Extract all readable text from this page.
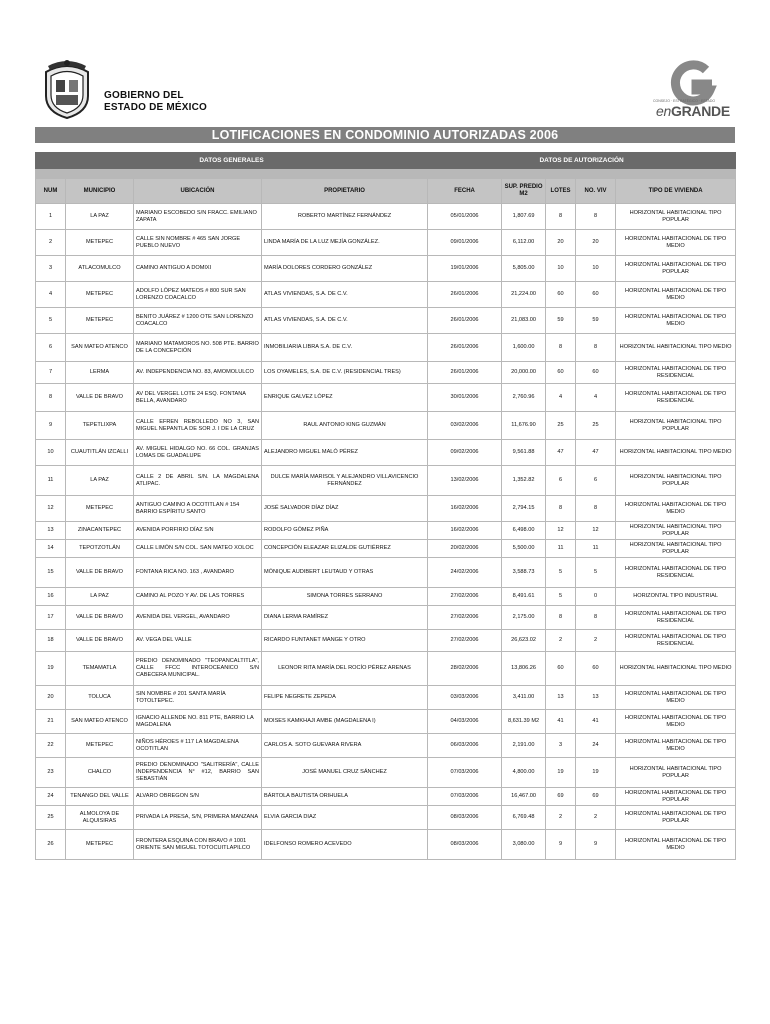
GOBIERNO DEL
ESTADO DE MÉXICO
CONSEJO · ESTRATÉGICO · ESTADO
enGRANDE
LOTIFICACIONES EN CONDOMINIO AUTORIZADAS 2006
DATOS GENERALES				DATOS DE AUTORIZACIÓN				

NUM	MUNICIPIO	UBICACIÓN	PROPIETARIO	FECHA	SUP. PREDIO M2	LOTES	NO. VIV	TIPO DE VIVIENDA
1	LA PAZ	MARIANO ESCOBEDO S/N FRACC. EMILIANO ZAPATA	ROBERTO MARTÍNEZ FERNÁNDEZ	05/01/2006	1,807.69	8	8	HORIZONTAL HABITACIONAL TIPO POPULAR
2	METEPEC	CALLE SIN NOMBRE # 465 SAN JORGE PUEBLO NUEVO	LINDA MARÍA DE LA LUZ MEJÍA GONZÁLEZ.	09/01/2006	6,112.00	20	20	HORIZONTAL HABITACIONAL DE TIPO MEDIO
3	ATLACOMULCO	CAMINO ANTIGUO A DOMIXI	MARÍA DOLORES CORDERO GONZÁLEZ	19/01/2006	5,805.00	10	10	HORIZONTAL HABITACIONAL DE TIPO POPULAR
4	METEPEC	ADOLFO LÓPEZ MATEOS # 800 SUR SAN LORENZO COACALCO	ATLAS VIVIENDAS, S.A. DE C.V.	26/01/2006	21,224.00	60	60	HORIZONTAL HABITACIONAL DE TIPO MEDIO
5	METEPEC	BENITO JUÁREZ # 1200 OTE SAN LORENZO COACALCO	ATLAS VIVIENDAS, S.A. DE C.V.	26/01/2006	21,083.00	59	59	HORIZONTAL HABITACIONAL DE TIPO MEDIO
6	SAN MATEO ATENCO	MARIANO MATAMOROS NO. 508 PTE. BARRIO DE LA CONCEPCIÓN	INMOBILIARIA LIBRA S.A. DE C.V.	26/01/2006	1,600.00	8	8	HORIZONTAL HABITACIONAL TIPO MEDIO
7	LERMA	AV. INDEPENDENCIA NO. 83, AMOMOLULCO	LOS OYAMELES, S.A. DE C.V. (RESIDENCIAL TRES)	26/01/2006	20,000.00	60	60	HORIZONTAL HABITACIONAL DE TIPO RESIDENCIAL
8	VALLE DE BRAVO	AV DEL VERGEL LOTE 24 ESQ. FONTANA BELLA, AVANDARO	ENRIQUE GALVEZ LÓPEZ	30/01/2006	2,760.96	4	4	HORIZONTAL HABITACIONAL DE TIPO RESIDENCIAL
9	TEPETLIXPA	CALLE EFREN REBOLLEDO NO 3, SAN MIGUEL NEPANTLA DE SOR J. I DE LA CRUZ	RAUL ANTONIO KING GUZMÁN	03/02/2006	11,676.90	25	25	HORIZONTAL HABITACIONAL TIPO POPULAR
10	CUAUTITLÁN IZCALLI	AV. MIGUEL HIDALGO NO. 66 COL. GRANJAS LOMAS DE GUADALUPE	ALEJANDRO MIGUEL MALÓ PÉREZ	09/02/2006	9,561.88	47	47	HORIZONTAL HABITACIONAL TIPO MEDIO
11	LA PAZ	CALLE 2 DE ABRIL S/N. LA MAGDALENA ATLIPAC.	DULCE MARÍA MARISOL Y ALEJANDRO VILLAVICENCIO FERNÁNDEZ	13/02/2006	1,352.82	6	6	HORIZONTAL HABITACIONAL TIPO POPULAR
12	METEPEC	ANTIGUO CAMINO A OCOTITLAN # 154 BARRIO ESPÍRITU SANTO	JOSÉ SALVADOR DÍAZ DÍAZ	16/02/2006	2,794.15	8	8	HORIZONTAL HABITACIONAL DE TIPO MEDIO
13	ZINACANTEPEC	AVENIDA PORFIRIO DÍAZ S/N	RODOLFO GÓMEZ PIÑA	16/02/2006	6,498.00	12	12	HORIZONTAL HABITACIONAL TIPO POPULAR
14	TEPOTZOTLÁN	CALLE LIMÓN S/N COL. SAN MATEO XOLOC	CONCEPCIÓN ELEAZAR ELIZALDE GUTIÉRREZ	20/02/2006	5,500.00	11	11	HORIZONTAL HABITACIONAL TIPO POPULAR
15	VALLE DE BRAVO	FONTANA RICA NO. 163 , AVANDARO	MÓNIQUE AUDIBERT LEUTAUD Y OTRAS	24/02/2006	3,588.73	5	5	HORIZONTAL HABITACIONAL DE TIPO RESIDENCIAL
16	LA PAZ	CAMINO AL POZO Y AV. DE LAS TORRES	SIMONA TORRES SERRANO	27/02/2006	8,491.61	5	0	HORIZONTAL TIPO INDUSTRIAL
17	VALLE DE BRAVO	AVENIDA DEL VERGEL, AVANDARO	DIANA LERMA RAMÍREZ	27/02/2006	2,175.00	8	8	HORIZONTAL HABITACIONAL DE TIPO RESIDENCIAL
18	VALLE DE BRAVO	AV. VEGA DEL VALLE	RICARDO FUNTANET MANGE Y OTRO	27/02/2006	26,623.02	2	2	HORIZONTAL HABITACIONAL DE TIPO RESIDENCIAL
19	TEMAMATLA	PREDIO DENOMINADO "TEOPANCALTITLA", CALLE FFCC INTEROCEANICO S/N CABECERA MUNICIPAL.	LEONOR RITA MARÍA DEL ROCÍO PÉREZ ARENAS	28/02/2006	13,806.26	60	60	HORIZONTAL HABITACIONAL TIPO MEDIO
20	TOLUCA	SIN NOMBRE # 201 SANTA MARÍA TOTOLTEPEC.	FELIPE NEGRETE ZEPEDA	03/03/2006	3,411.00	13	13	HORIZONTAL HABITACIONAL DE TIPO MEDIO
21	SAN MATEO ATENCO	IGNACIO ALLENDE NO. 811 PTE, BARRIO LA MAGDALENA	MOISES KAMKHAJI AMBE (MAGDALENA I)	04/03/2006	8,631.39 M2	41	41	HORIZONTAL HABITACIONAL DE TIPO MEDIO
22	METEPEC	NIÑOS HÉROES # 117 LA MAGDALENA OCOTITLAN	CARLOS A. SOTO GUEVARA RIVERA	06/03/2006	2,191.00	3	24	HORIZONTAL HABITACIONAL DE TIPO MEDIO
23	CHALCO	PREDIO DENOMINADO "SALITRERÍA", CALLE INDEPENDENCIA N° #12, BARRIO SAN SEBASTIÁN	JOSÉ MANUEL CRUZ SÁNCHEZ	07/03/2006	4,800.00	19	19	HORIZONTAL HABITACIONAL TIPO POPULAR
24	TENANGO DEL VALLE	ALVARO OBREGON S/N	BÁRTOLA BAUTISTA ORIHUELA	07/03/2006	16,467.00	69	69	HORIZONTAL HABITACIONAL DE TIPO POPULAR
25	ALMOLOYA DE ALQUISIRAS	PRIVADA LA PRESA, S/N, PRIMERA MANZANA	ELVIA GARCIA DIAZ	08/03/2006	6,769.48	2	2	HORIZONTAL HABITACIONAL DE TIPO POPULAR
26	METEPEC	FRONTERA ESQUINA CON BRAVO # 1001 ORIENTE SAN MIGUEL TOTOCUITLAPILCO	IDELFONSO ROMERO ACEVEDO	08/03/2006	3,080.00	9	9	HORIZONTAL HABITACIONAL DE TIPO MEDIO
